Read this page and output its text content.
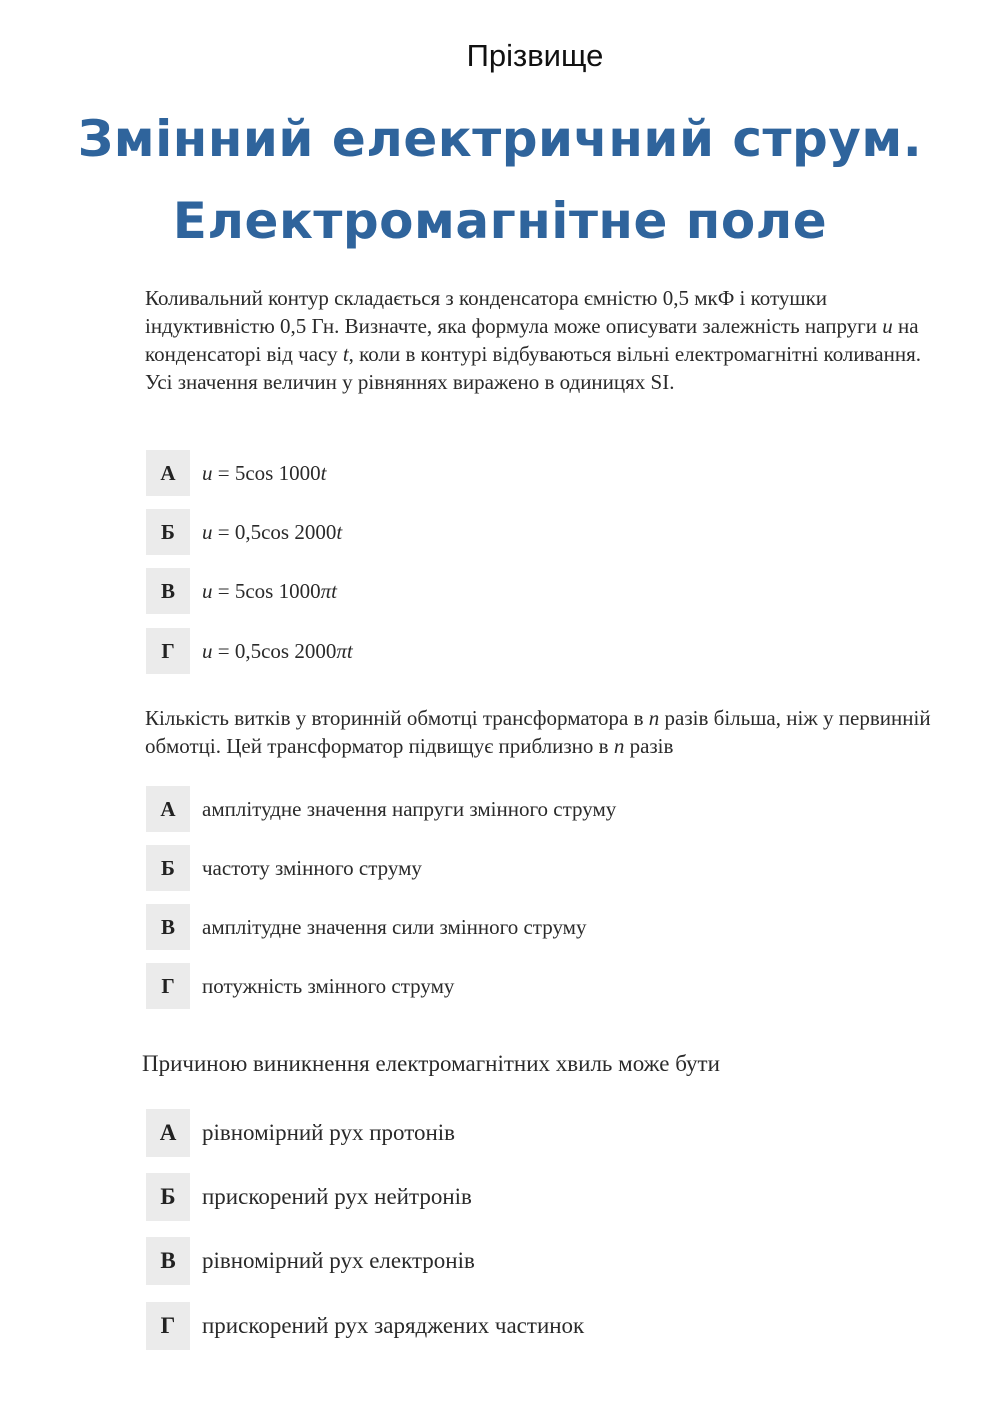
Прізвище
Змінний електричний струм.
Електромагнітне поле
Коливальний контур складається з конденсатора ємністю 0,5 мкФ і котушки індуктивністю 0,5 Гн. Визначте, яка формула може описувати залежність напруги u на конденсаторі від часу t, коли в контурі відбуваються вільні електромагнітні коливання. Усі значення величин у рівняннях виражено в одиницях SI.
А	u = 5cos 1000t
Б	u = 0,5cos 2000t
В	u = 5cos 1000πt
Г	u = 0,5cos 2000πt
Кількість витків у вторинній обмотці трансформатора в n разів більша, ніж у первинній обмотці. Цей трансформатор підвищує приблизно в n разів
А	амплітудне значення напруги змінного струму
Б	частоту змінного струму
В	амплітудне значення сили змінного струму
Г	потужність змінного струму
Причиною виникнення електромагнітних хвиль може бути
А	рівномірний рух протонів
Б	прискорений рух нейтронів
В	рівномірний рух електронів
Г	прискорений рух заряджених частинок
